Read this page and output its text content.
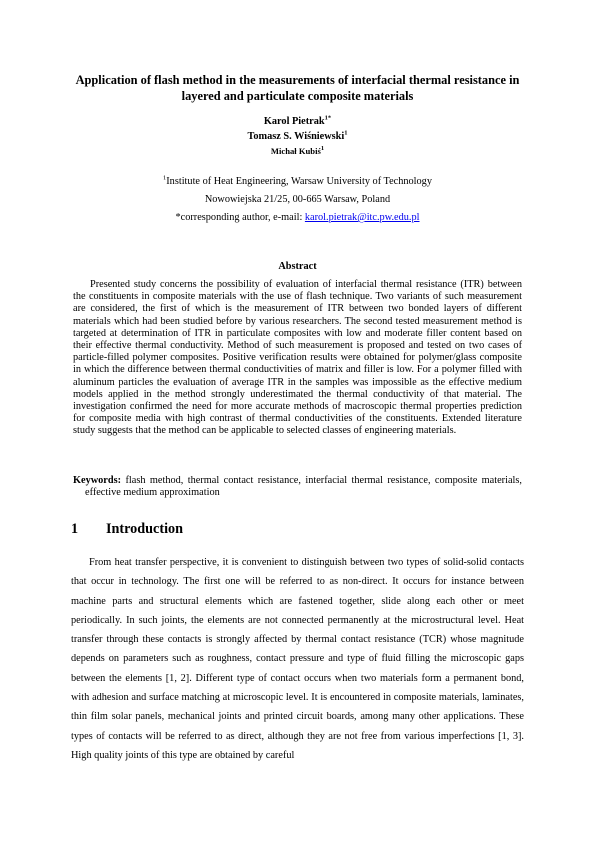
Application of flash method in the measurements of interfacial thermal resistance in layered and particulate composite materials
Karol Pietrak$^{1*}$
Tomasz S. Wiśniewski$^1$
Michał Kubiś$^1$
$^1$Institute of Heat Engineering, Warsaw University of Technology
Nowowiejska 21/25, 00-665 Warsaw, Poland
*corresponding author, e-mail: karol.pietrak@itc.pw.edu.pl
Abstract
Presented study concerns the possibility of evaluation of interfacial thermal resistance (ITR) between the constituents in composite materials with the use of flash technique. Two variants of such measurement are considered, the first of which is the measurement of ITR between two bonded layers of different materials which had been studied before by various researchers. The second tested measurement method is targeted at determination of ITR in particulate composites with low and moderate filler content based on their effective thermal conductivity. Method of such measurement is proposed and tested on two cases of particle-filled polymer composites. Positive verification results were obtained for polymer/glass composite in which the difference between thermal conductivities of matrix and filler is low. For a polymer filled with aluminum particles the evaluation of average ITR in the samples was impossible as the effective medium models applied in the method strongly underestimated the thermal conductivity of that material. The investigation confirmed the need for more accurate methods of macroscopic thermal properties prediction for composite media with high contrast of thermal conductivities of the constituents. Extended literature study suggests that the method can be applicable to selected classes of engineering materials.
Keywords: flash method, thermal contact resistance, interfacial thermal resistance, composite materials, effective medium approximation
1 Introduction
From heat transfer perspective, it is convenient to distinguish between two types of solid-solid contacts that occur in technology. The first one will be referred to as non-direct. It occurs for instance between machine parts and structural elements which are fastened together, slide along each other or meet periodically. In such joints, the elements are not connected permanently at the microstructural level. Heat transfer through these contacts is strongly affected by thermal contact resistance (TCR) whose magnitude depends on parameters such as roughness, contact pressure and type of fluid filling the microscopic gaps between the elements [1, 2]. Different type of contact occurs when two materials form a permanent bond, with adhesion and surface matching at microscopic level. It is encountered in composite materials, laminates, thin film solar panels, mechanical joints and printed circuit boards, among many other applications. These types of contacts will be referred to as direct, although they are not free from various imperfections [1, 3]. High quality joints of this type are obtained by careful
